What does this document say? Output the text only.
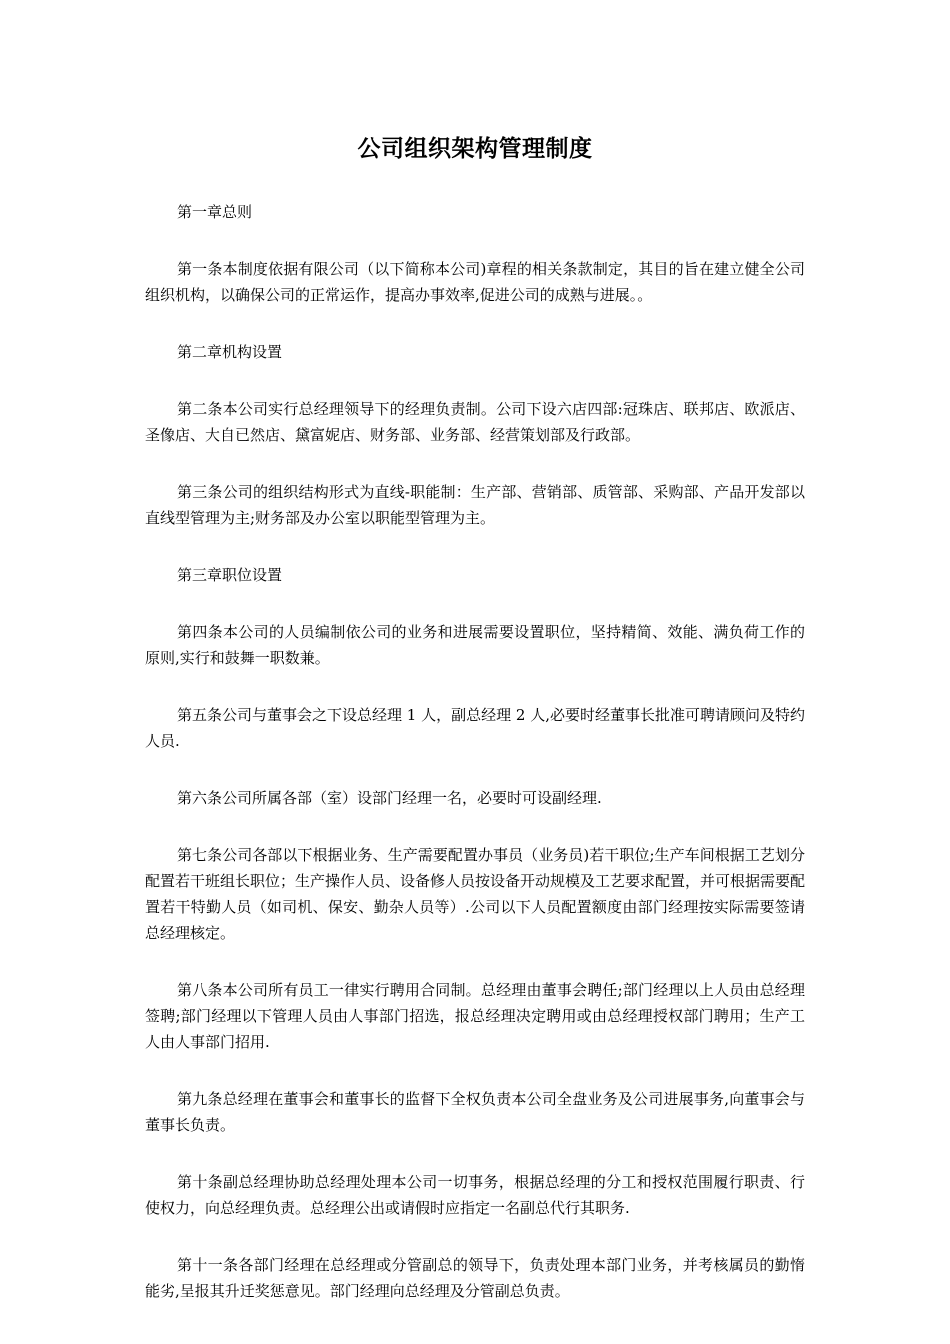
公司组织架构管理制度

第一章总则

第一条本制度依据有限公司（以下简称本公司)章程的相关条款制定，其目的旨在建立健全公司组织机构，以确保公司的正常运作，提高办事效率,促进公司的成熟与进展。。

第二章机构设置

第二条本公司实行总经理领导下的经理负责制。公司下设六店四部:冠珠店、联邦店、欧派店、圣像店、大自已然店、黛富妮店、财务部、业务部、经营策划部及行政部。

第三条公司的组织结构形式为直线-职能制：生产部、营销部、质管部、采购部、产品开发部以直线型管理为主;财务部及办公室以职能型管理为主。

第三章职位设置

第四条本公司的人员编制依公司的业务和进展需要设置职位，坚持精简、效能、满负荷工作的原则,实行和鼓舞一职数兼。

第五条公司与董事会之下设总经理 1 人，副总经理 2 人,必要时经董事长批准可聘请顾问及特约人员.

第六条公司所属各部（室）设部门经理一名，必要时可设副经理.

第七条公司各部以下根据业务、生产需要配置办事员（业务员)若干职位;生产车间根据工艺划分配置若干班组长职位；生产操作人员、设备修人员按设备开动规模及工艺要求配置，并可根据需要配置若干特勤人员（如司机、保安、勤杂人员等）.公司以下人员配置额度由部门经理按实际需要签请总经理核定。

第八条本公司所有员工一律实行聘用合同制。总经理由董事会聘任;部门经理以上人员由总经理签聘;部门经理以下管理人员由人事部门招选，报总经理决定聘用或由总经理授权部门聘用；生产工人由人事部门招用.

第九条总经理在董事会和董事长的监督下全权负责本公司全盘业务及公司进展事务,向董事会与董事长负责。

第十条副总经理协助总经理处理本公司一切事务，根据总经理的分工和授权范围履行职责、行使权力，向总经理负责。总经理公出或请假时应指定一名副总代行其职务.

第十一条各部门经理在总经理或分管副总的领导下，负责处理本部门业务，并考核属员的勤惰能劣,呈报其升迁奖惩意见。部门经理向总经理及分管副总负责。
